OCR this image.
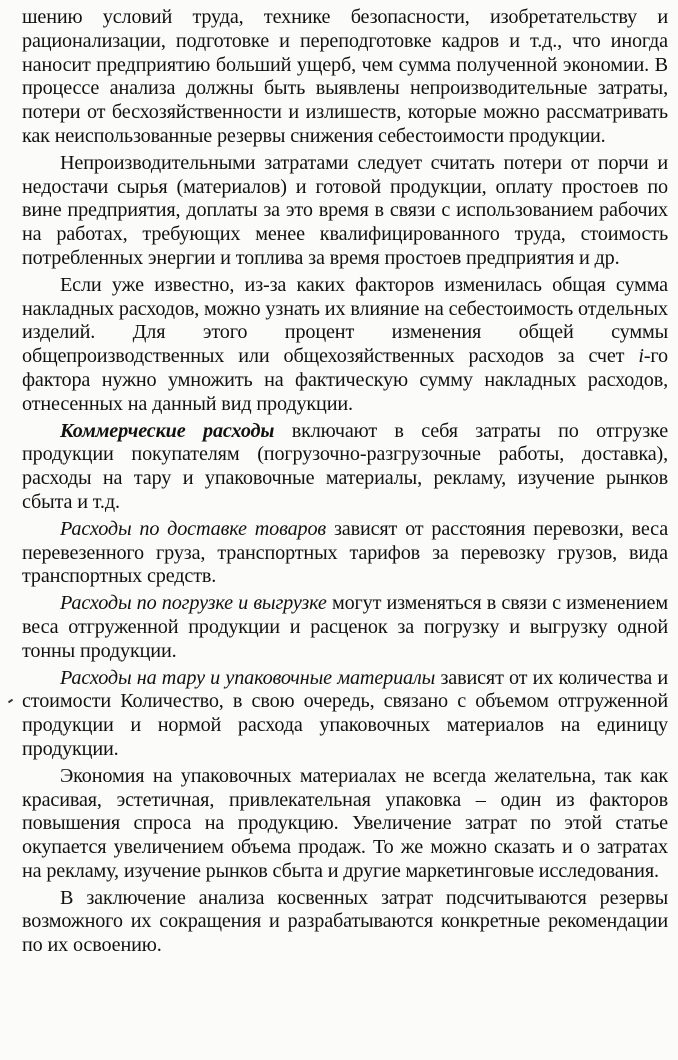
шению условий труда, технике безопасности, изобретательству и рационализации, подготовке и переподготовке кадров и т.д., что иногда наносит предприятию больший ущерб, чем сумма полученной экономии. В процессе анализа должны быть выявлены непроизводительные затраты, потери от бесхозяйственности и излишеств, которые можно рассматривать как неиспользованные резервы снижения себестоимости продукции.

Непроизводительными затратами следует считать потери от порчи и недостачи сырья (материалов) и готовой продукции, оплату простоев по вине предприятия, доплаты за это время в связи с использованием рабочих на работах, требующих менее квалифицированного труда, стоимость потребленных энергии и топлива за время простоев предприятия и др.

Если уже известно, из-за каких факторов изменилась общая сумма накладных расходов, можно узнать их влияние на себестоимость отдельных изделий. Для этого процент изменения общей суммы общепроизводственных или общехозяйственных расходов за счет i-го фактора нужно умножить на фактическую сумму накладных расходов, отнесенных на данный вид продукции.

Коммерческие расходы включают в себя затраты по отгрузке продукции покупателям (погрузочно-разгрузочные работы, доставка), расходы на тару и упаковочные материалы, рекламу, изучение рынков сбыта и т.д.

Расходы по доставке товаров зависят от расстояния перевозки, веса перевезенного груза, транспортных тарифов за перевозку грузов, вида транспортных средств.

Расходы по погрузке и выгрузке могут изменяться в связи с изменением веса отгруженной продукции и расценок за погрузку и выгрузку одной тонны продукции.

Расходы на тару и упаковочные материалы зависят от их количества и стоимости Количество, в свою очередь, связано с объемом отгруженной продукции и нормой расхода упаковочных материалов на единицу продукции.

Экономия на упаковочных материалах не всегда желательна, так как красивая, эстетичная, привлекательная упаковка – один из факторов повышения спроса на продукцию. Увеличение затрат по этой статье окупается увеличением объема продаж. То же можно сказать и о затратах на рекламу, изучение рынков сбыта и другие маркетинговые исследования.

В заключение анализа косвенных затрат подсчитываются резервы возможного их сокращения и разрабатываются конкретные рекомендации по их освоению.
